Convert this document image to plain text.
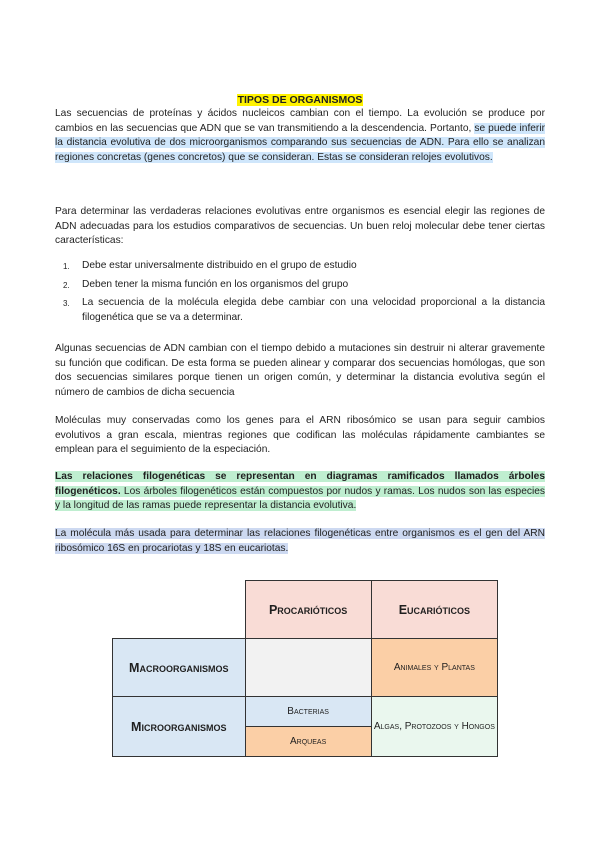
TIPOS DE ORGANISMOS

Las secuencias de proteínas y ácidos nucleicos cambian con el tiempo. La evolución se produce por cambios en las secuencias que ADN que se van transmitiendo a la descendencia. Portanto, se puede inferir la distancia evolutiva de dos microorganismos comparando sus secuencias de ADN. Para ello se analizan regiones concretas (genes concretos) que se consideran. Estas se consideran relojes evolutivos.

Para determinar las verdaderas relaciones evolutivas entre organismos es esencial elegir las regiones de ADN adecuadas para los estudios comparativos de secuencias. Un buen reloj molecular debe tener ciertas características:

1. Debe estar universalmente distribuido en el grupo de estudio
2. Deben tener la misma función en los organismos del grupo
3. La secuencia de la molécula elegida debe cambiar con una velocidad proporcional a la distancia filogenética que se va a determinar.

Algunas secuencias de ADN cambian con el tiempo debido a mutaciones sin destruir ni alterar gravemente su función que codifican. De esta forma se pueden alinear y comparar dos secuencias homólogas, que son dos secuencias similares porque tienen un origen común, y determinar la distancia evolutiva según el número de cambios de dicha secuencia

Moléculas muy conservadas como los genes para el ARN ribosómico se usan para seguir cambios evolutivos a gran escala, mientras regiones que codifican las moléculas rápidamente cambiantes se emplean para el seguimiento de la especiación.

Las relaciones filogenéticas se representan en diagramas ramificados llamados árboles filogenéticos. Los árboles filogenéticos están compuestos por nudos y ramas. Los nudos son las especies y la longitud de las ramas puede representar la distancia evolutiva.

La molécula más usada para determinar las relaciones filogenéticas entre organismos es el gen del ARN ribosómico 16S en procariotas y 18S en eucariotas.

	Procarióticos	Eucarióticos
Macroorganismos		Animales y Plantas
Microorganismos	Bacterias	Algas, Protozoos y Hongos
	Arqueas	
